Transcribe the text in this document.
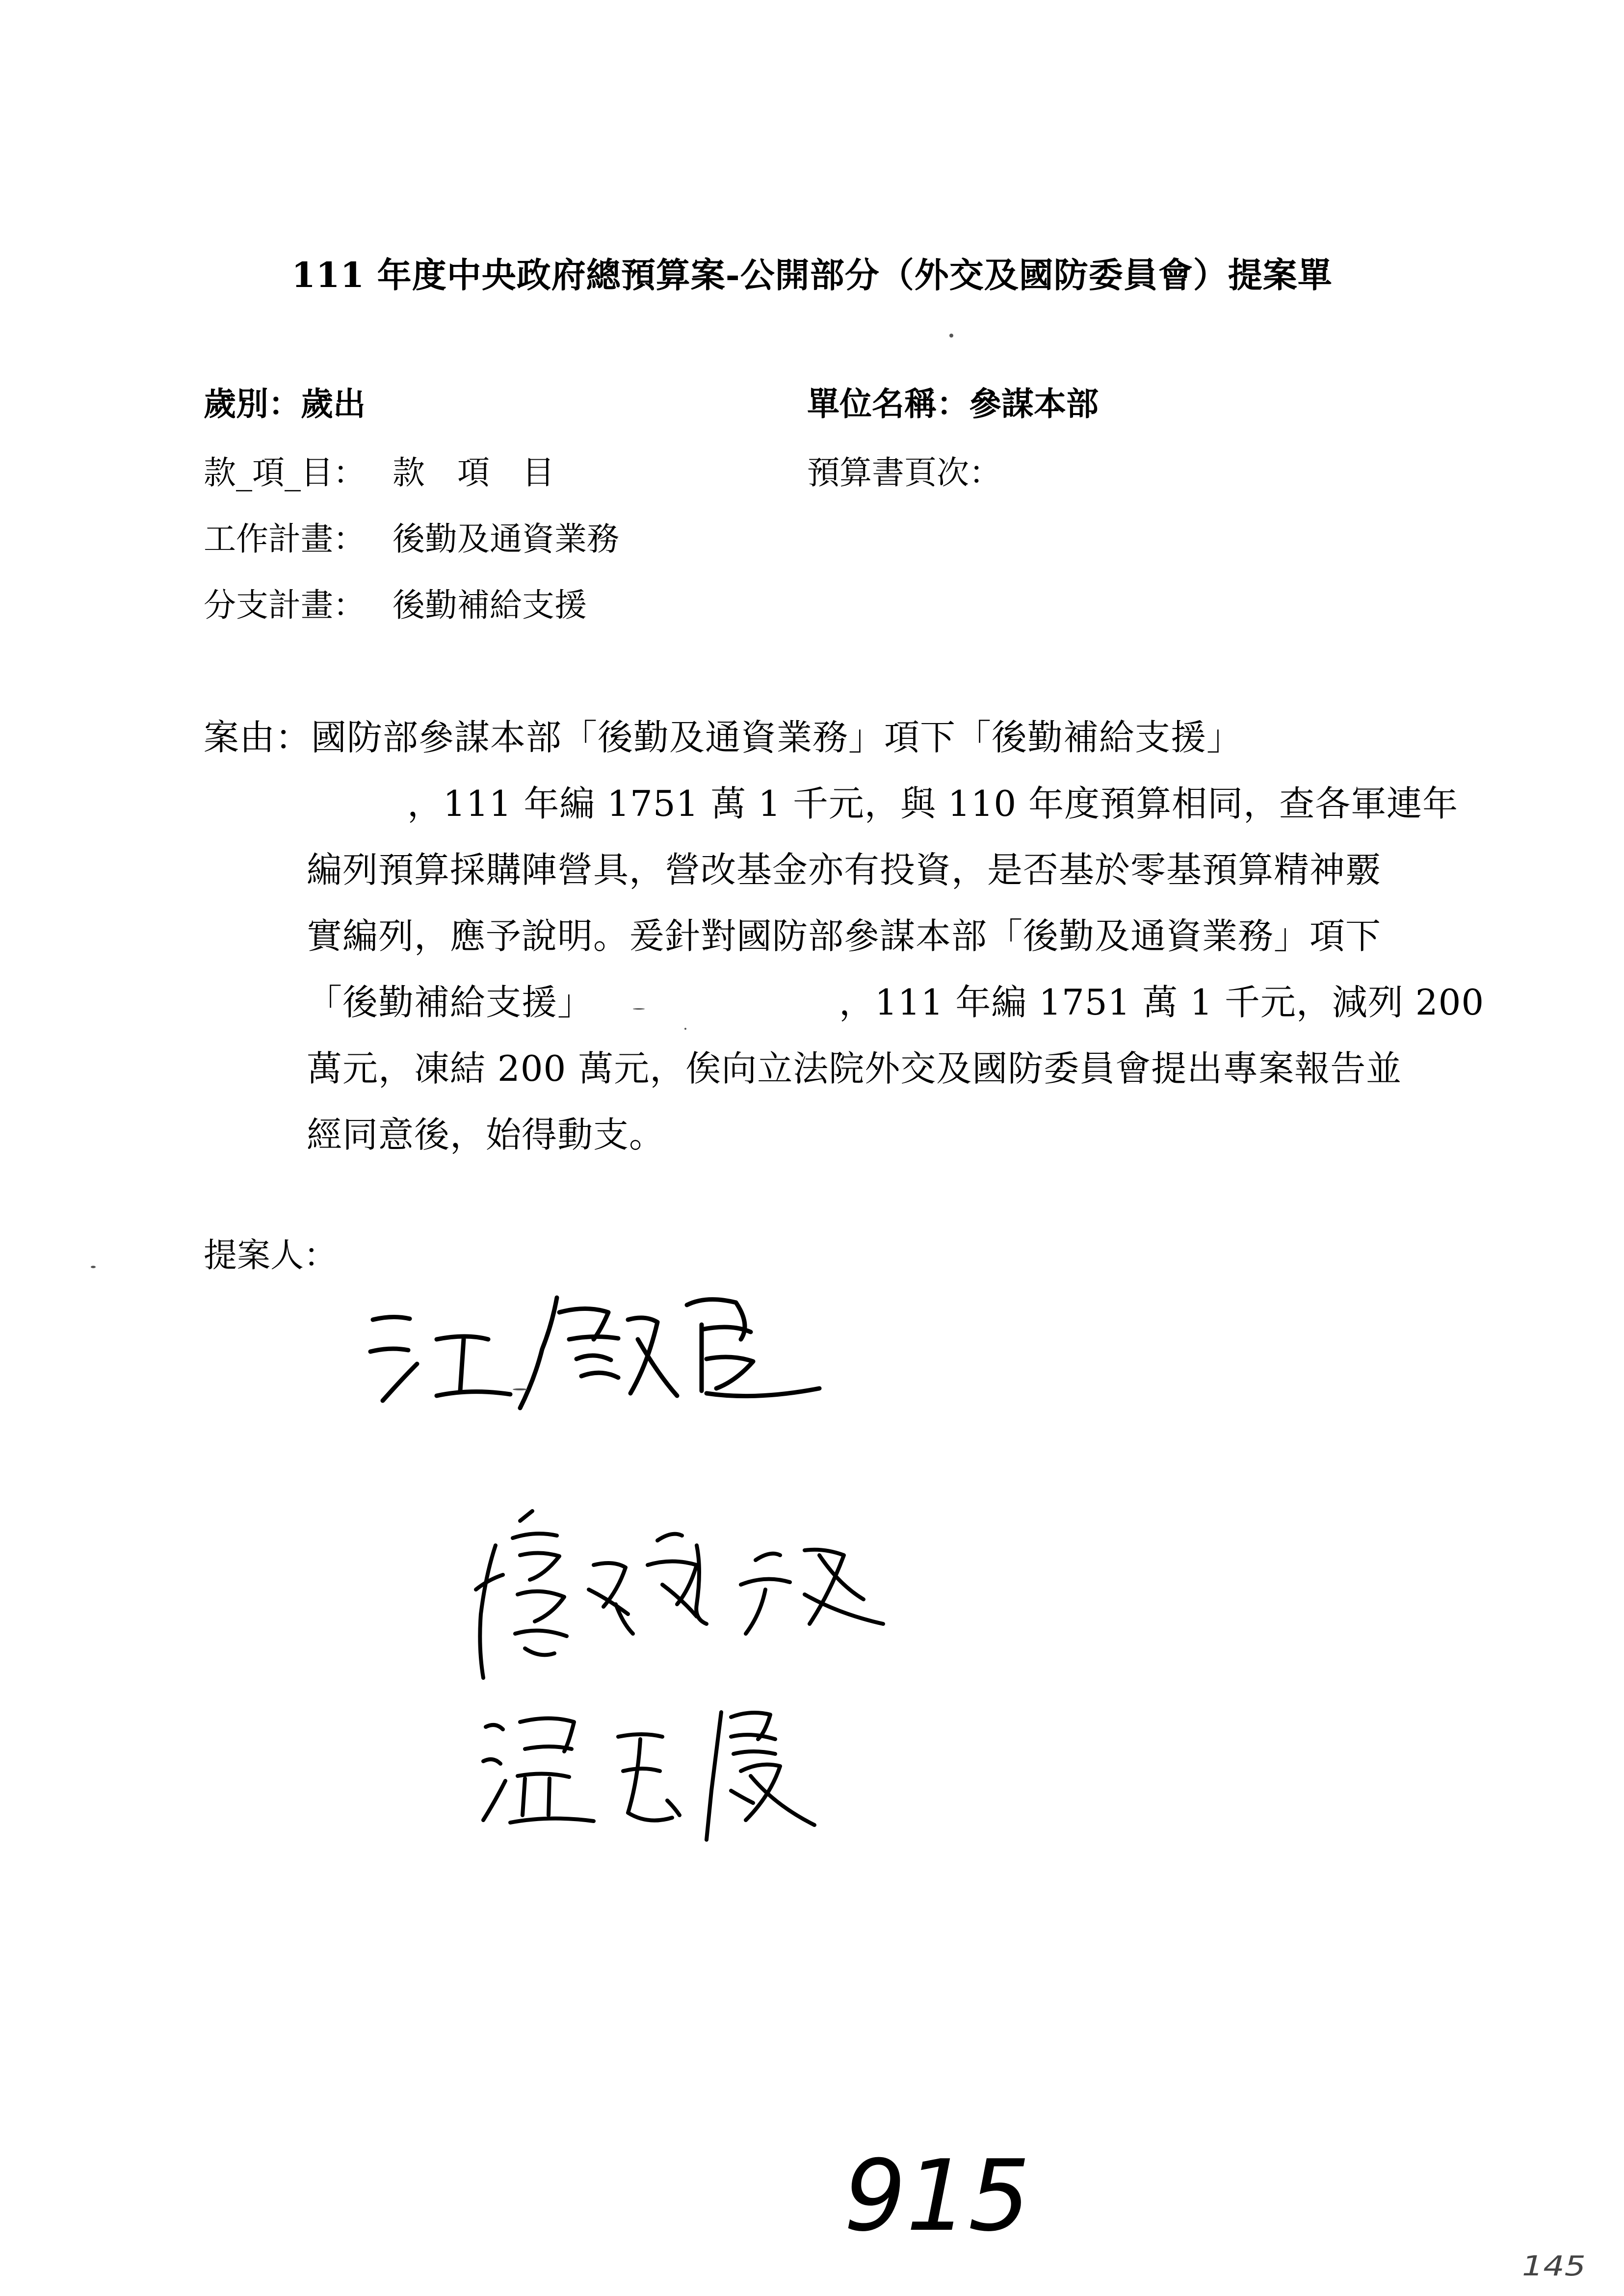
111 年度中央政府總預算案-公開部分（外交及國防委員會）提案單
歲別：歲出	單位名稱：參謀本部
款_項_目： 款　項　目	預算書頁次：
工作計畫： 後勤及通資業務
分支計畫： 後勤補給支援
案由：國防部參謀本部「後勤及通資業務」項下「後勤補給支援」
，111 年編 1751 萬 1 千元，與 110 年度預算相同，查各軍連年
編列預算採購陣營具，營改基金亦有投資，是否基於零基預算精神覈
實編列，應予說明。爰針對國防部參謀本部「後勤及通資業務」項下
「後勤補給支援」	，111 年編 1751 萬 1 千元，減列 200
萬元，凍結 200 萬元，俟向立法院外交及國防委員會提出專案報告並
經同意後，始得動支。
提案人：
915
145
